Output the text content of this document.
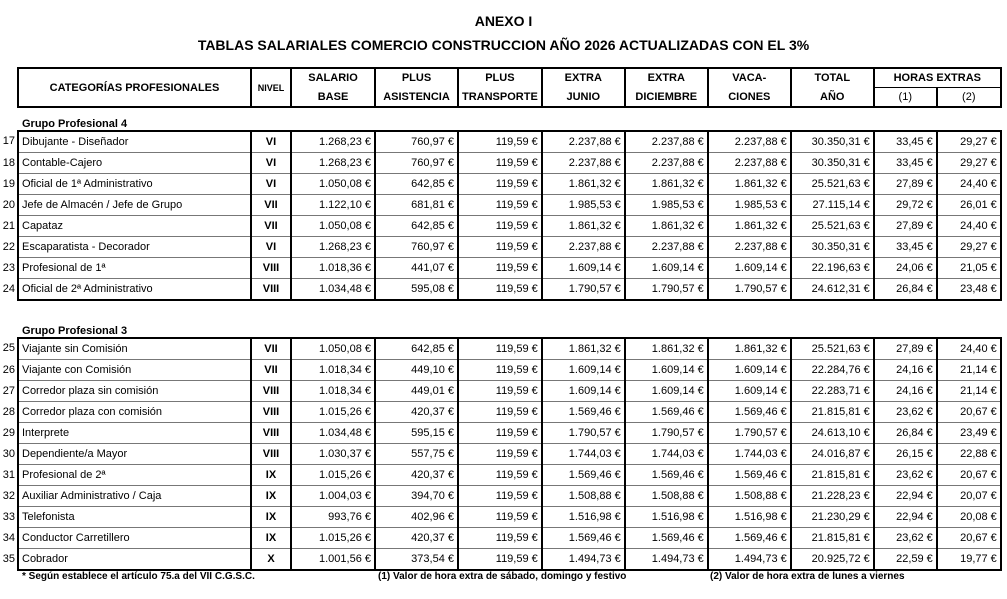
ANEXO I
TABLAS SALARIALES COMERCIO CONSTRUCCION AÑO 2026 ACTUALIZADAS CON EL 3%
CATEGORÍAS PROFESIONALES	NIVEL	SALARIO	PLUS	PLUS	EXTRA	EXTRA	VACA-	TOTAL	HORAS EXTRAS	
		BASE	ASISTENCIA	TRANSPORTE	JUNIO	DICIEMBRE	CIONES	AÑO	(1)	(2)
Grupo Profesional 4										
Dibujante - Diseñador	VI	1.268,23 €	760,97 €	119,59 €	2.237,88 €	2.237,88 €	2.237,88 €	30.350,31 €	33,45 €	29,27 €
Contable-Cajero	VI	1.268,23 €	760,97 €	119,59 €	2.237,88 €	2.237,88 €	2.237,88 €	30.350,31 €	33,45 €	29,27 €
Oficial de 1ª Administrativo	VI	1.050,08 €	642,85 €	119,59 €	1.861,32 €	1.861,32 €	1.861,32 €	25.521,63 €	27,89 €	24,40 €
Jefe de Almacén / Jefe de Grupo	VII	1.122,10 €	681,81 €	119,59 €	1.985,53 €	1.985,53 €	1.985,53 €	27.115,14 €	29,72 €	26,01 €
Capataz	VII	1.050,08 €	642,85 €	119,59 €	1.861,32 €	1.861,32 €	1.861,32 €	25.521,63 €	27,89 €	24,40 €
Escaparatista - Decorador	VI	1.268,23 €	760,97 €	119,59 €	2.237,88 €	2.237,88 €	2.237,88 €	30.350,31 €	33,45 €	29,27 €
Profesional de 1ª	VIII	1.018,36 €	441,07 €	119,59 €	1.609,14 €	1.609,14 €	1.609,14 €	22.196,63 €	24,06 €	21,05 €
Oficial de 2ª Administrativo	VIII	1.034,48 €	595,08 €	119,59 €	1.790,57 €	1.790,57 €	1.790,57 €	24.612,31 €	26,84 €	23,48 €

Grupo Profesional 3										
Viajante sin Comisión	VII	1.050,08 €	642,85 €	119,59 €	1.861,32 €	1.861,32 €	1.861,32 €	25.521,63 €	27,89 €	24,40 €
Viajante con Comisión	VII	1.018,34 €	449,10 €	119,59 €	1.609,14 €	1.609,14 €	1.609,14 €	22.284,76 €	24,16 €	21,14 €
Corredor plaza sin comisión	VIII	1.018,34 €	449,01 €	119,59 €	1.609,14 €	1.609,14 €	1.609,14 €	22.283,71 €	24,16 €	21,14 €
Corredor plaza con comisión	VIII	1.015,26 €	420,37 €	119,59 €	1.569,46 €	1.569,46 €	1.569,46 €	21.815,81 €	23,62 €	20,67 €
Interprete	VIII	1.034,48 €	595,15 €	119,59 €	1.790,57 €	1.790,57 €	1.790,57 €	24.613,10 €	26,84 €	23,49 €
Dependiente/a Mayor	VIII	1.030,37 €	557,75 €	119,59 €	1.744,03 €	1.744,03 €	1.744,03 €	24.016,87 €	26,15 €	22,88 €
Profesional de 2ª	IX	1.015,26 €	420,37 €	119,59 €	1.569,46 €	1.569,46 €	1.569,46 €	21.815,81 €	23,62 €	20,67 €
Auxiliar Administrativo / Caja	IX	1.004,03 €	394,70 €	119,59 €	1.508,88 €	1.508,88 €	1.508,88 €	21.228,23 €	22,94 €	20,07 €
Telefonista	IX	993,76 €	402,96 €	119,59 €	1.516,98 €	1.516,98 €	1.516,98 €	21.230,29 €	22,94 €	20,08 €
Conductor Carretillero	IX	1.015,26 €	420,37 €	119,59 €	1.569,46 €	1.569,46 €	1.569,46 €	21.815,81 €	23,62 €	20,67 €
Cobrador	X	1.001,56 €	373,54 €	119,59 €	1.494,73 €	1.494,73 €	1.494,73 €	20.925,72 €	22,59 €	19,77 €
* Según establece el artículo 75.a del VII C.G.S.C.	(1) Valor de hora extra de sábado, domingo y festivo	(2) Valor de hora extra de lunes a viernes
17
18
19
20
21
22
23
24
25
26
27
28
29
30
31
32
33
34
35
